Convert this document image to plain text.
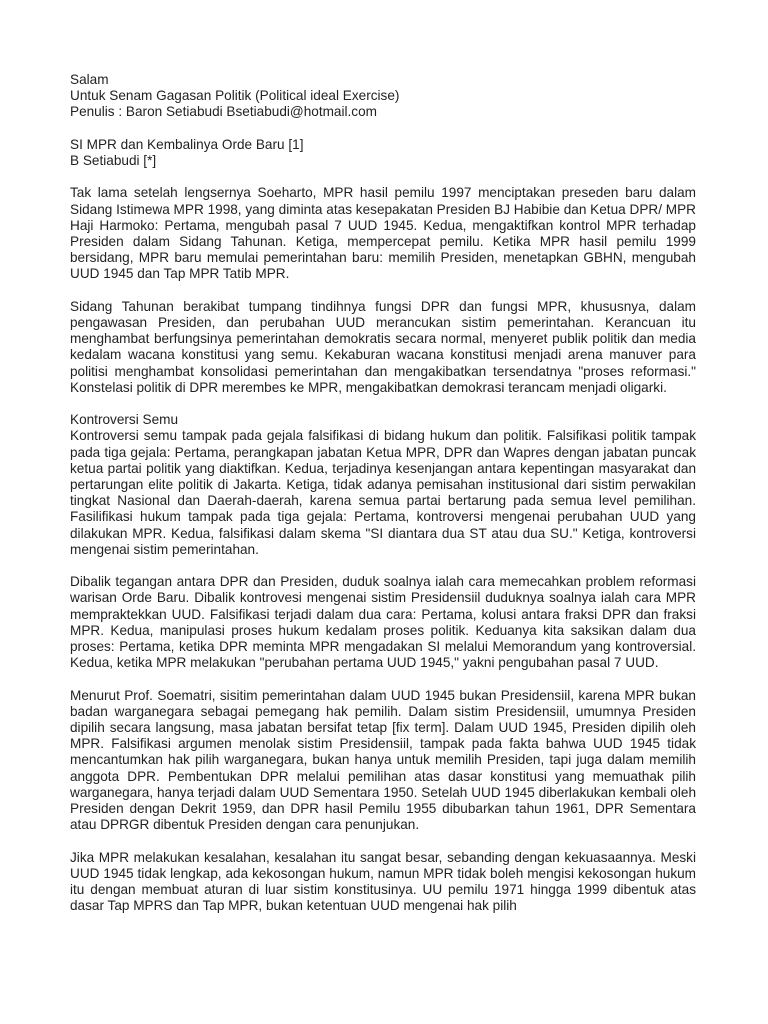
Salam
Untuk Senam Gagasan Politik (Political ideal Exercise)
Penulis : Baron Setiabudi Bsetiabudi@hotmail.com
SI MPR dan Kembalinya Orde Baru [1]
B Setiabudi [*]

Tak lama setelah lengsernya Soeharto, MPR hasil pemilu 1997 menciptakan preseden baru dalam Sidang Istimewa MPR 1998, yang diminta atas kesepakatan Presiden BJ Habibie dan Ketua DPR/ MPR Haji Harmoko: Pertama, mengubah pasal 7 UUD 1945. Kedua, mengaktifkan kontrol MPR terhadap Presiden dalam Sidang Tahunan. Ketiga, mempercepat pemilu. Ketika MPR hasil pemilu 1999 bersidang, MPR baru memulai pemerintahan baru: memilih Presiden, menetapkan GBHN, mengubah UUD 1945 dan Tap MPR Tatib MPR.

Sidang Tahunan berakibat tumpang tindihnya fungsi DPR dan fungsi MPR, khususnya, dalam pengawasan Presiden, dan perubahan UUD merancukan sistim pemerintahan. Kerancuan itu menghambat berfungsinya pemerintahan demokratis secara normal, menyeret publik politik dan media kedalam wacana konstitusi yang semu. Kekaburan wacana konstitusi menjadi arena manuver para politisi menghambat konsolidasi pemerintahan dan mengakibatkan tersendatnya "proses reformasi." Konstelasi politik di DPR merembes ke MPR, mengakibatkan demokrasi terancam menjadi oligarki.

Kontroversi Semu

Kontroversi semu tampak pada gejala falsifikasi di bidang hukum dan politik. Falsifikasi politik tampak pada tiga gejala: Pertama, perangkapan jabatan Ketua MPR, DPR dan Wapres dengan jabatan puncak ketua partai politik yang diaktifkan. Kedua, terjadinya kesenjangan antara kepentingan masyarakat dan pertarungan elite politik di Jakarta. Ketiga, tidak adanya pemisahan institusional dari sistim perwakilan tingkat Nasional dan Daerah-daerah, karena semua partai bertarung pada semua level pemilihan. Fasilifikasi hukum tampak pada tiga gejala: Pertama, kontroversi mengenai perubahan UUD yang dilakukan MPR. Kedua, falsifikasi dalam skema "SI diantara dua ST atau dua SU." Ketiga, kontroversi mengenai sistim pemerintahan.

Dibalik tegangan antara DPR dan Presiden, duduk soalnya ialah cara memecahkan problem reformasi warisan Orde Baru. Dibalik kontrovesi mengenai sistim Presidensiil duduknya soalnya ialah cara MPR mempraktekkan UUD. Falsifikasi terjadi dalam dua cara: Pertama, kolusi antara fraksi DPR dan fraksi MPR. Kedua, manipulasi proses hukum kedalam proses politik. Keduanya kita saksikan dalam dua proses: Pertama, ketika DPR meminta MPR mengadakan SI melalui Memorandum yang kontroversial. Kedua, ketika MPR melakukan "perubahan pertama UUD 1945," yakni pengubahan pasal 7 UUD.

Menurut Prof. Soematri, sisitim pemerintahan dalam UUD 1945 bukan Presidensiil, karena MPR bukan badan warganegara sebagai pemegang hak pemilih. Dalam sistim Presidensiil, umumnya Presiden dipilih secara langsung, masa jabatan bersifat tetap [fix term]. Dalam UUD 1945, Presiden dipilih oleh MPR. Falsifikasi argumen menolak sistim Presidensiil, tampak pada fakta bahwa UUD 1945 tidak mencantumkan hak pilih warganegara, bukan hanya untuk memilih Presiden, tapi juga dalam memilih anggota DPR. Pembentukan DPR melalui pemilihan atas dasar konstitusi yang memuathak pilih warganegara, hanya terjadi dalam UUD Sementara 1950. Setelah UUD 1945 diberlakukan kembali oleh Presiden dengan Dekrit 1959, dan DPR hasil Pemilu 1955 dibubarkan tahun 1961, DPR Sementara atau DPRGR dibentuk Presiden dengan cara penunjukan.

Jika MPR melakukan kesalahan, kesalahan itu sangat besar, sebanding dengan kekuasaannya. Meski UUD 1945 tidak lengkap, ada kekosongan hukum, namun MPR tidak boleh mengisi kekosongan hukum itu dengan membuat aturan di luar sistim konstitusinya. UU pemilu 1971 hingga 1999 dibentuk atas dasar Tap MPRS dan Tap MPR, bukan ketentuan UUD mengenai hak pilih
